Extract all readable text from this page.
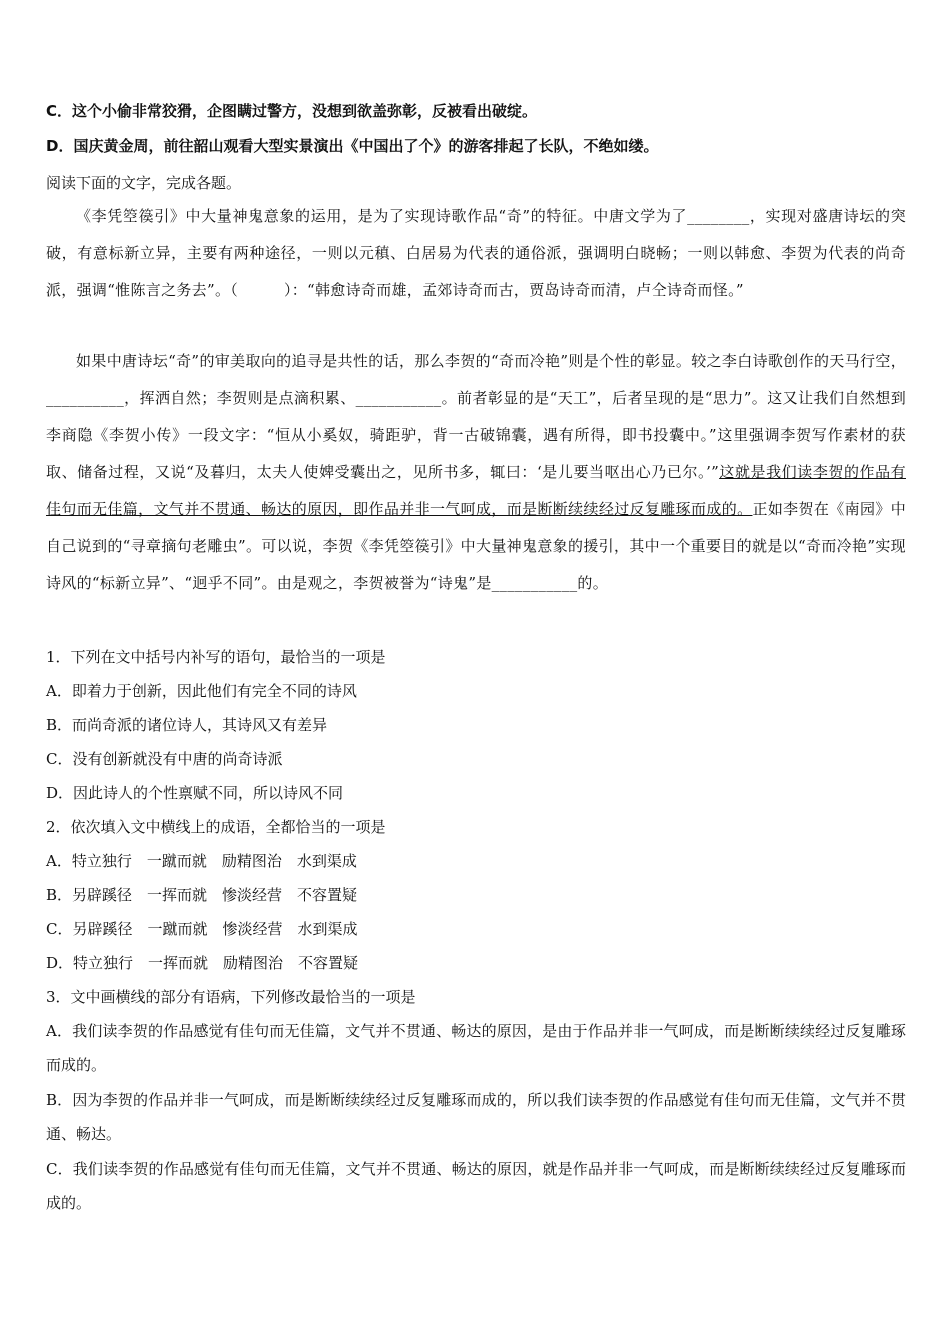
C．这个小偷非常狡猾，企图瞒过警方，没想到欲盖弥彰，反被看出破绽。
D．国庆黄金周，前往韶山观看大型实景演出《中国出了个》的游客排起了长队，不绝如缕。
阅读下面的文字，完成各题。
《李凭箜篌引》中大量神鬼意象的运用，是为了实现诗歌作品“奇”的特征。中唐文学为了________，实现对盛唐诗坛的突破，有意标新立异，主要有两种途径，一则以元稹、白居易为代表的通俗派，强调明白晓畅；一则以韩愈、李贺为代表的尚奇派，强调“惟陈言之务去”。（　　　）：“韩愈诗奇而雄，孟郊诗奇而古，贾岛诗奇而清，卢仝诗奇而怪。”
如果中唐诗坛“奇”的审美取向的追寻是共性的话，那么李贺的“奇而冷艳”则是个性的彰显。较之李白诗歌创作的天马行空，__________，挥洒自然；李贺则是点滴积累、___________。前者彰显的是“天工”，后者呈现的是“思力”。这又让我们自然想到李商隐《李贺小传》一段文字：“恒从小奚奴，骑距驴，背一古破锦囊，遇有所得，即书投囊中。”这里强调李贺写作素材的获取、储备过程，又说“及暮归，太夫人使婢受囊出之，见所书多，辄曰：‘是儿要当呕出心乃已尔。’”这就是我们读李贺的作品有佳句而无佳篇，文气并不贯通、畅达的原因，即作品并非一气呵成，而是断断续续经过反复雕琢而成的。正如李贺在《南园》中自己说到的“寻章摘句老雕虫”。可以说，李贺《李凭箜篌引》中大量神鬼意象的援引，其中一个重要目的就是以“奇而冷艳”实现诗风的“标新立异”、“迥乎不同”。由是观之，李贺被誉为“诗鬼”是___________的。
1．下列在文中括号内补写的语句，最恰当的一项是
A．即着力于创新，因此他们有完全不同的诗风
B．而尚奇派的诸位诗人，其诗风又有差异
C．没有创新就没有中唐的尚奇诗派
D．因此诗人的个性禀赋不同，所以诗风不同
2．依次填入文中横线上的成语，全都恰当的一项是
A．特立独行　一蹴而就　励精图治　水到渠成
B．另辟蹊径　一挥而就　惨淡经营　不容置疑
C．另辟蹊径　一蹴而就　惨淡经营　水到渠成
D．特立独行　一挥而就　励精图治　不容置疑
3．文中画横线的部分有语病，下列修改最恰当的一项是
A．我们读李贺的作品感觉有佳句而无佳篇，文气并不贯通、畅达的原因，是由于作品并非一气呵成，而是断断续续经过反复雕琢而成的。
B．因为李贺的作品并非一气呵成，而是断断续续经过反复雕琢而成的，所以我们读李贺的作品感觉有佳句而无佳篇，文气并不贯通、畅达。
C．我们读李贺的作品感觉有佳句而无佳篇，文气并不贯通、畅达的原因，就是作品并非一气呵成，而是断断续续经过反复雕琢而成的。
